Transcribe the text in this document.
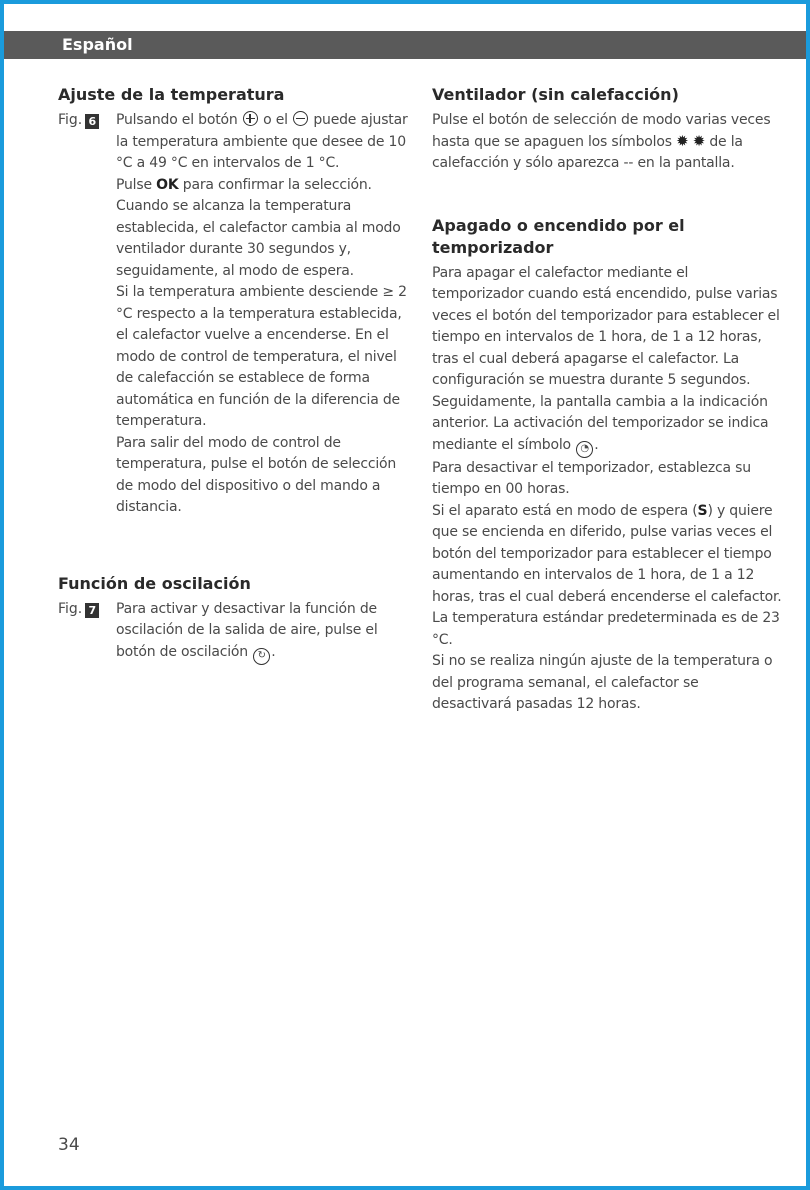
Español
Ajuste de la temperatura
Fig. 6	Pulsando el botón o el puede ajustar la temperatura ambiente que desee de 10 °C a 49 °C en intervalos de 1 °C.

Pulse OK para confirmar la selección.

Cuando se alcanza la temperatura establecida, el calefactor cambia al modo ventilador durante 30 segundos y, seguidamente, al modo de espera.

Si la temperatura ambiente desciende ≥ 2 °C respecto a la temperatura establecida, el calefactor vuelve a encenderse. En el modo de control de temperatura, el nivel de calefacción se establece de forma automática en función de la diferencia de temperatura.

Para salir del modo de control de temperatura, pulse el botón de selección de modo del dispositivo o del mando a distancia.

Función de oscilación
Fig. 7	Para activar y desactivar la función de oscilación de la salida de aire, pulse el botón de oscilación ↻ .

Ventilador (sin calefacción)

Pulse el botón de selección de modo varias veces hasta que se apaguen los símbolos ✹ ✹ de la calefacción y sólo aparezca -- en la pantalla.

Apagado o encendido por el temporizador

Para apagar el calefactor mediante el temporizador cuando está encendido, pulse varias veces el botón del temporizador para establecer el tiempo en intervalos de 1 hora, de 1 a 12 horas, tras el cual deberá apagarse el calefactor. La configuración se muestra durante 5 segundos. Seguidamente, la pantalla cambia a la indicación anterior. La activación del temporizador se indica mediante el símbolo ◔ .

Para desactivar el temporizador, establezca su tiempo en 00 horas.

Si el aparato está en modo de espera (S) y quiere que se encienda en diferido, pulse varias veces el botón del temporizador para establecer el tiempo aumentando en intervalos de 1 hora, de 1 a 12 horas, tras el cual deberá encenderse el calefactor. La temperatura estándar predeterminada es de 23 °C.

Si no se realiza ningún ajuste de la temperatura o del programa semanal, el calefactor se desactivará pasadas 12 horas.

34
